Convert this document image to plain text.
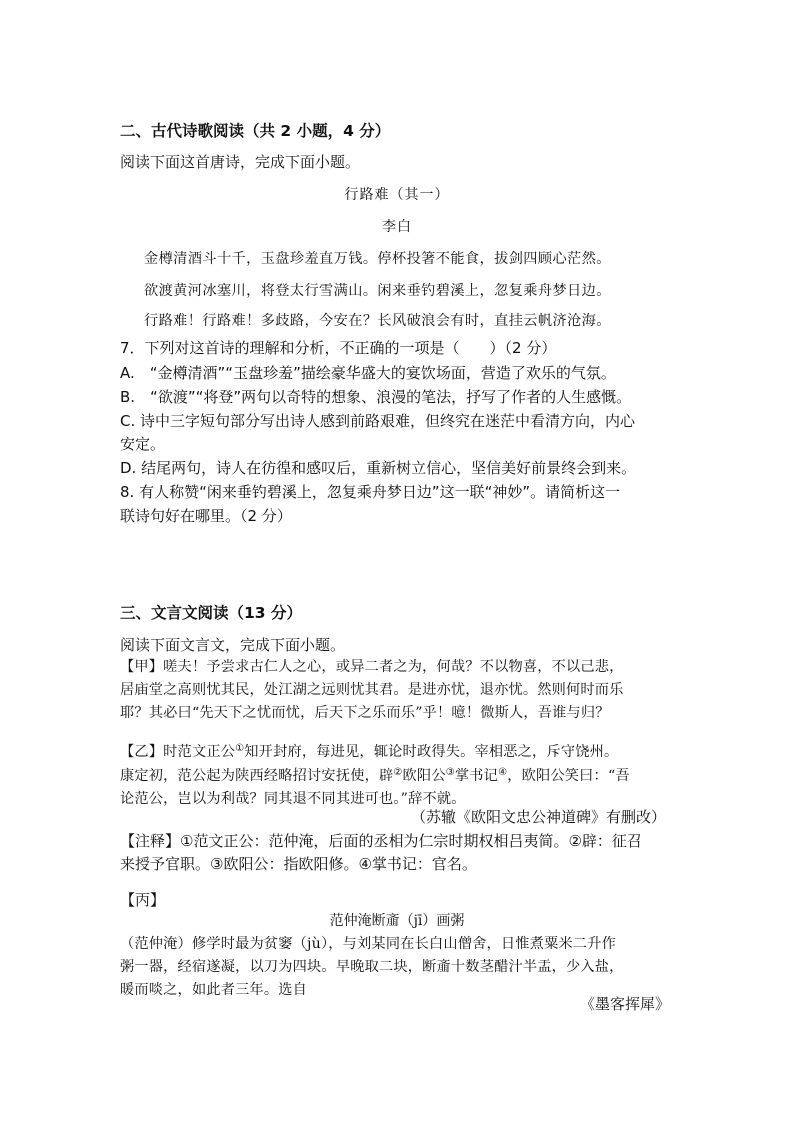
二、古代诗歌阅读（共 2 小题，4 分）
阅读下面这首唐诗，完成下面小题。
行路难（其一）
李白
金樽清酒斗十千，玉盘珍羞直万钱。停杯投箸不能食，拔剑四顾心茫然。
欲渡黄河冰塞川，将登太行雪满山。闲来垂钓碧溪上，忽复乘舟梦日边。
行路难！行路难！多歧路，今安在？长风破浪会有时，直挂云帆济沧海。
7．下列对这首诗的理解和分析，不正确的一项是（　　）（2 分）
A.　“金樽清酒”“玉盘珍羞”描绘豪华盛大的宴饮场面，营造了欢乐的气氛。
B.　“欲渡”“将登”两句以奇特的想象、浪漫的笔法，抒写了作者的人生感慨。
C. 诗中三字短句部分写出诗人感到前路艰难，但终究在迷茫中看清方向，内心
安定。
D. 结尾两句，诗人在彷徨和感叹后，重新树立信心，坚信美好前景终会到来。
8. 有人称赞“闲来垂钓碧溪上，忽复乘舟梦日边”这一联“神妙”。请简析这一
联诗句好在哪里。（2 分）
三、文言文阅读（13 分）
阅读下面文言文，完成下面小题。
【甲】嗟夫！予尝求古仁人之心，或异二者之为，何哉？不以物喜，不以己悲，
居庙堂之高则忧其民，处江湖之远则忧其君。是进亦忧，退亦忧。然则何时而乐
耶？其必曰“先天下之忧而忧，后天下之乐而乐”乎！噫！微斯人，吾谁与归？
【乙】时范文正公①知开封府，每进见，辄论时政得失。宰相恶之，斥守饶州。
康定初，范公起为陕西经略招讨安抚使，辟②欧阳公③掌书记④，欧阳公笑曰：“吾
论范公，岂以为利哉？同其退不同其进可也。”辞不就。
（苏辙《欧阳文忠公神道碑》有删改）
【注释】①范文正公：范仲淹，后面的丞相为仁宗时期权相吕夷简。②辟：征召
来授予官职。③欧阳公：指欧阳修。④掌书记：官名。
【丙】
范仲淹断齑（jī）画粥
（范仲淹）修学时最为贫窭（jù），与刘某同在长白山僧舍，日惟煮粟米二升作
粥一器，经宿遂凝，以刀为四块。早晚取二块，断齑十数茎醋汁半盂，少入盐，
暖而啖之，如此者三年。选自
《墨客挥犀》
